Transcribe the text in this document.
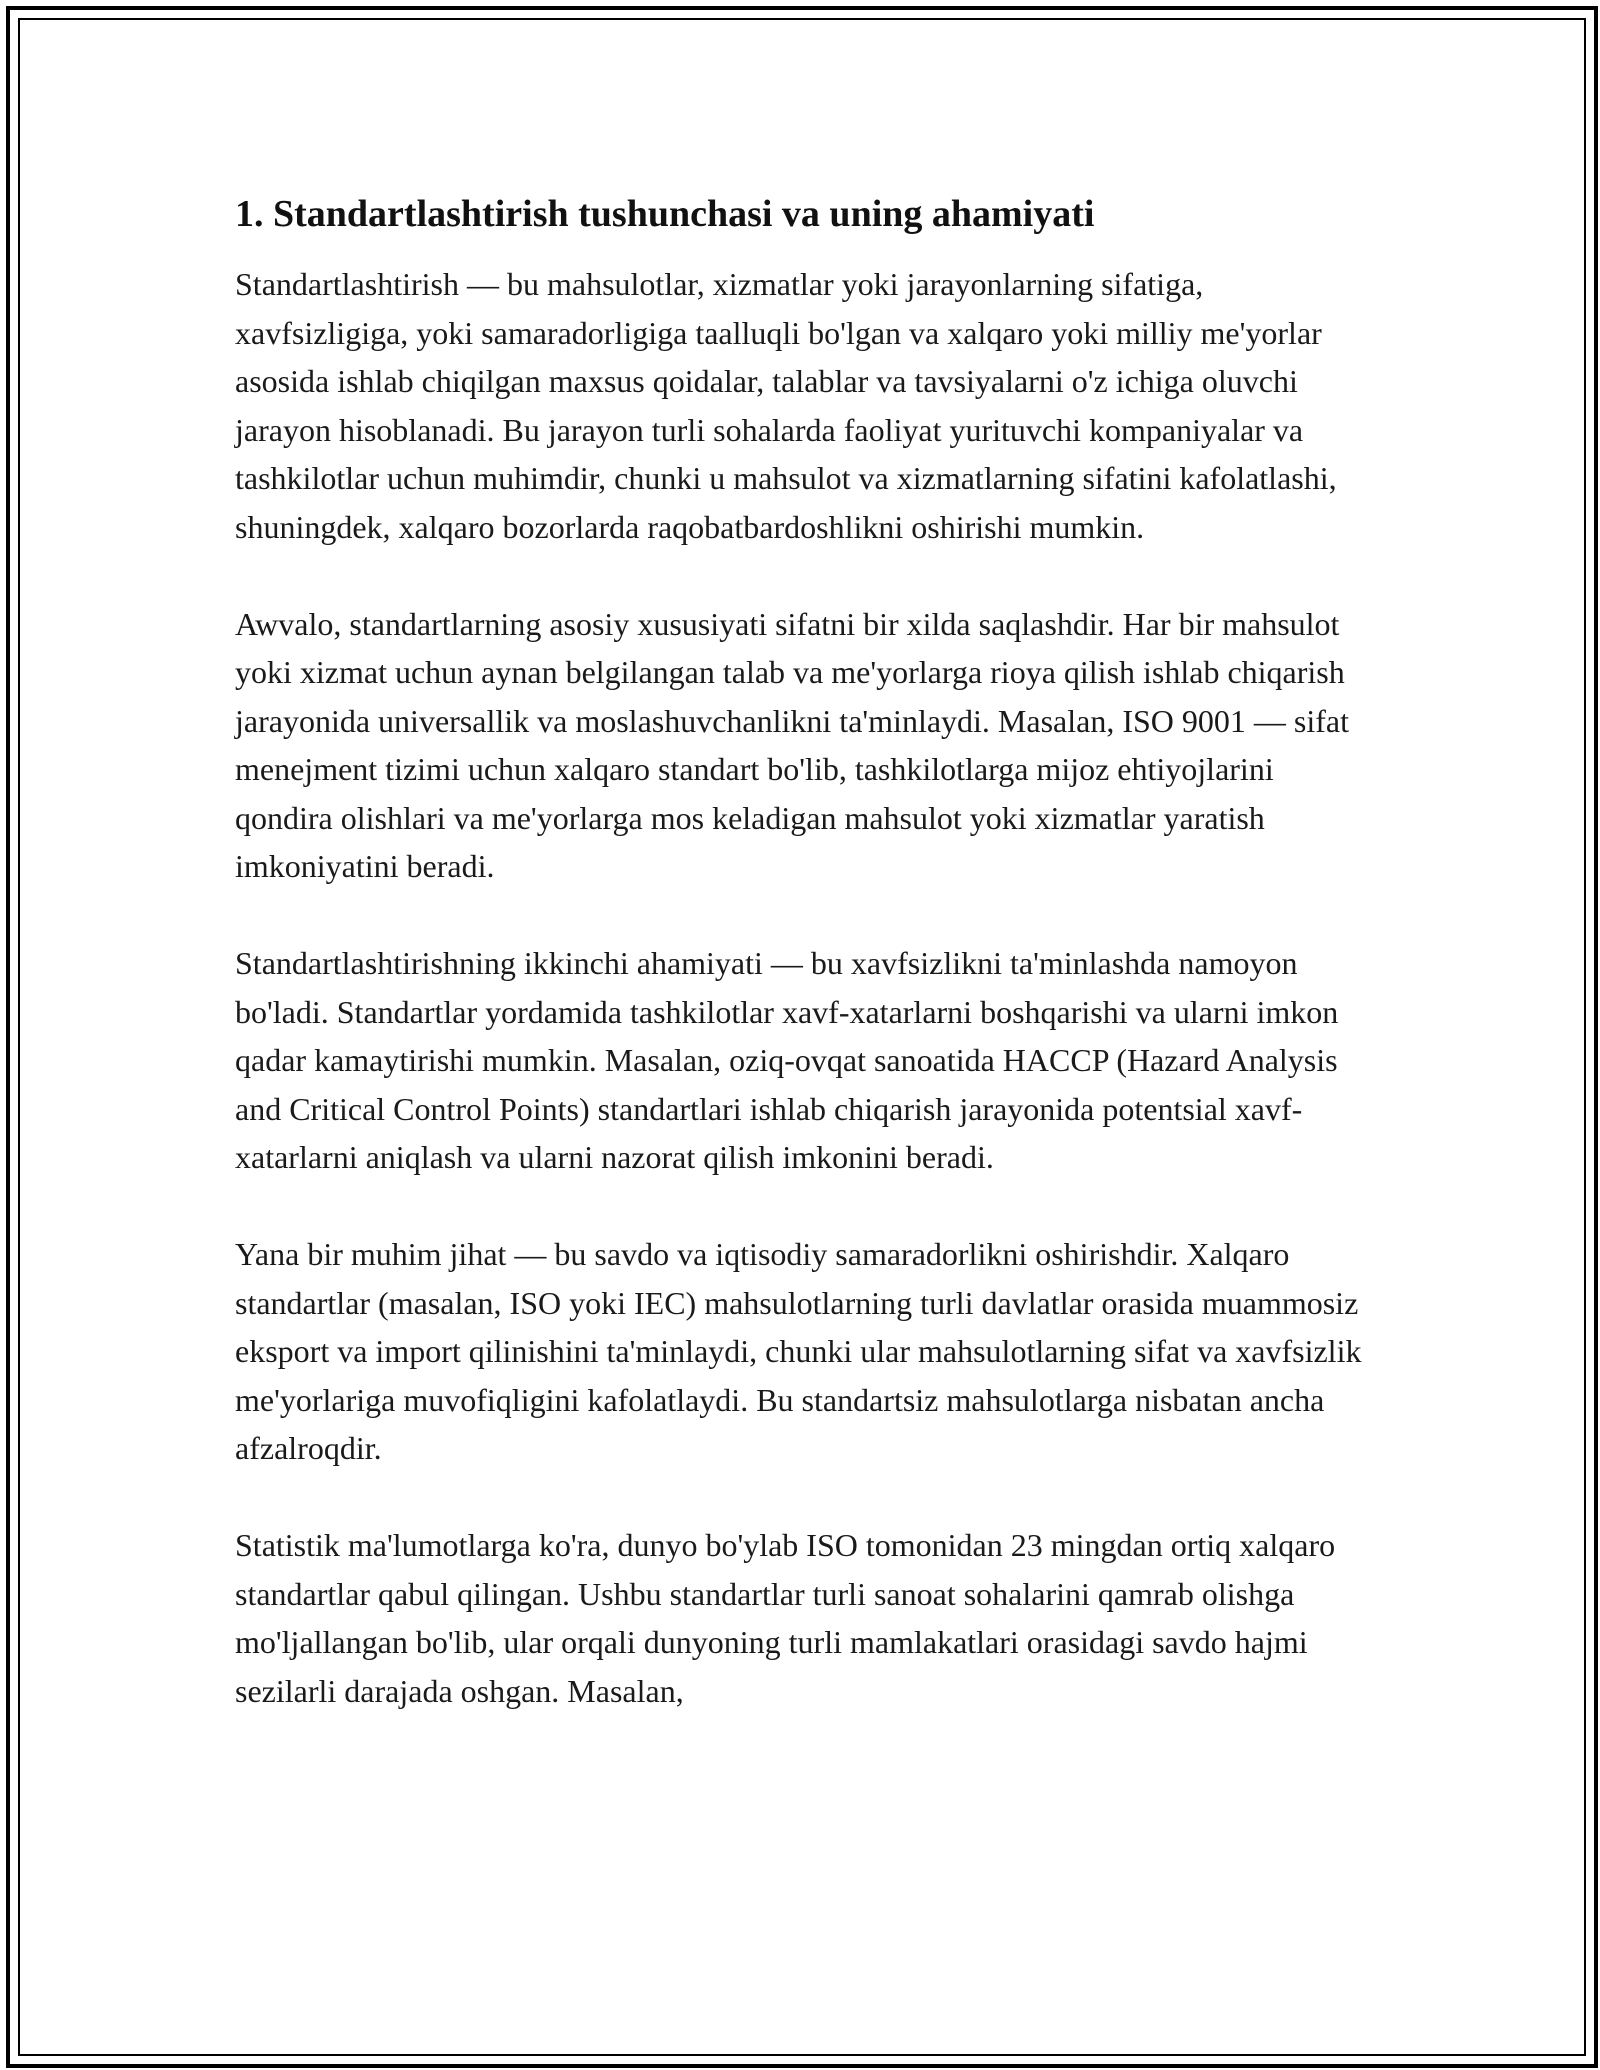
1. Standartlashtirish tushunchasi va uning ahamiyati

Standartlashtirish — bu mahsulotlar, xizmatlar yoki jarayonlarning sifatiga, xavfsizligiga, yoki samaradorligiga taalluqli bo'lgan va xalqaro yoki milliy me'yorlar asosida ishlab chiqilgan maxsus qoidalar, talablar va tavsiyalarni o'z ichiga oluvchi jarayon hisoblanadi. Bu jarayon turli sohalarda faoliyat yurituvchi kompaniyalar va tashkilotlar uchun muhimdir, chunki u mahsulot va xizmatlarning sifatini kafolatlashi, shuningdek, xalqaro bozorlarda raqobatbardoshlikni oshirishi mumkin.

Awvalo, standartlarning asosiy xususiyati sifatni bir xilda saqlashdir. Har bir mahsulot yoki xizmat uchun aynan belgilangan talab va me'yorlarga rioya qilish ishlab chiqarish jarayonida universallik va moslashuvchanlikni ta'minlaydi. Masalan, ISO 9001 — sifat menejment tizimi uchun xalqaro standart bo'lib, tashkilotlarga mijoz ehtiyojlarini qondira olishlari va me'yorlarga mos keladigan mahsulot yoki xizmatlar yaratish imkoniyatini beradi.

Standartlashtirishning ikkinchi ahamiyati — bu xavfsizlikni ta'minlashda namoyon bo'ladi. Standartlar yordamida tashkilotlar xavf-xatarlarni boshqarishi va ularni imkon qadar kamaytirishi mumkin. Masalan, oziq-ovqat sanoatida HACCP (Hazard Analysis and Critical Control Points) standartlari ishlab chiqarish jarayonida potentsial xavf-xatarlarni aniqlash va ularni nazorat qilish imkonini beradi.

Yana bir muhim jihat — bu savdo va iqtisodiy samaradorlikni oshirishdir. Xalqaro standartlar (masalan, ISO yoki IEC) mahsulotlarning turli davlatlar orasida muammosiz eksport va import qilinishini ta'minlaydi, chunki ular mahsulotlarning sifat va xavfsizlik me'yorlariga muvofiqligini kafolatlaydi. Bu standartsiz mahsulotlarga nisbatan ancha afzalroqdir.

Statistik ma'lumotlarga ko'ra, dunyo bo'ylab ISO tomonidan 23 mingdan ortiq xalqaro standartlar qabul qilingan. Ushbu standartlar turli sanoat sohalarini qamrab olishga mo'ljallangan bo'lib, ular orqali dunyoning turli mamlakatlari orasidagi savdo hajmi sezilarli darajada oshgan. Masalan,
